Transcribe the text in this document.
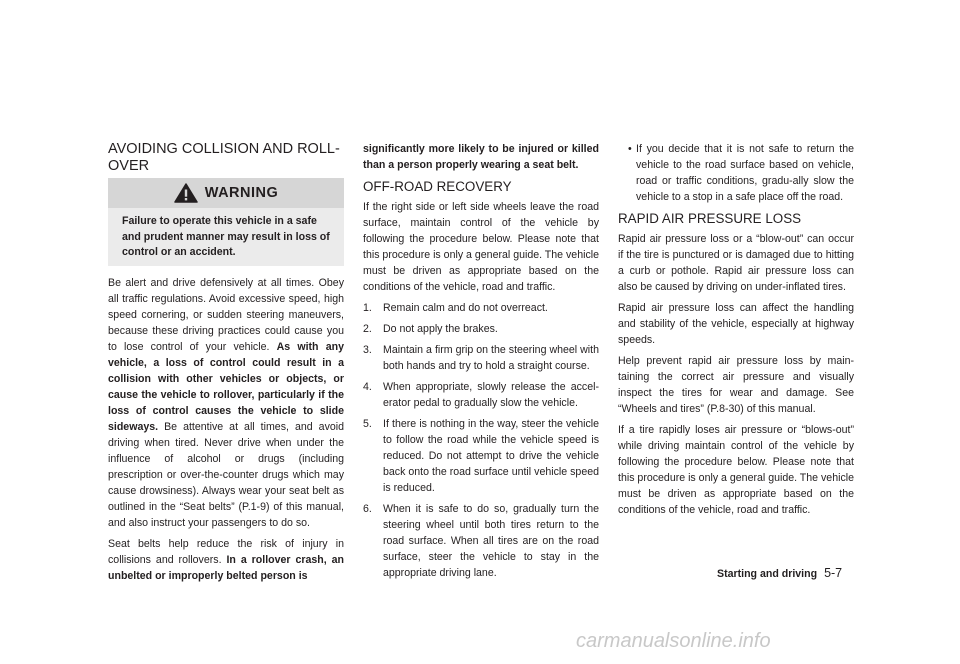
AVOIDING COLLISION AND ROLL-OVER
WARNING
Failure to operate this vehicle in a safe and prudent manner may result in loss of control or an accident.

Be alert and drive defensively at all times. Obey all traffic regulations. Avoid excessive speed, high speed cornering, or sudden steering maneuvers, because these driving practices could cause you to lose control of your vehicle. As with any vehicle, a loss of control could result in a collision with other vehicles or objects, or cause the vehicle to rollover, particularly if the loss of control causes the vehicle to slide sideways. Be attentive at all times, and avoid driving when tired. Never drive when under the influence of alcohol or drugs (including prescription or over-the-counter drugs which may cause drowsiness). Always wear your seat belt as outlined in the “Seat belts” (P.1-9) of this manual, and also instruct your passengers to do so.

Seat belts help reduce the risk of injury in collisions and rollovers. In a rollover crash, an unbelted or improperly belted person is

significantly more likely to be injured or killed than a person properly wearing a seat belt.

OFF-ROAD RECOVERY

If the right side or left side wheels leave the road surface, maintain control of the vehicle by following the procedure below. Please note that this procedure is only a general guide. The vehicle must be driven as appropriate based on the conditions of the vehicle, road and traffic.

1.	Remain calm and do not overreact.
2.	Do not apply the brakes.
3.	Maintain a firm grip on the steering wheel with both hands and try to hold a straight course.
4.	When appropriate, slowly release the accel-erator pedal to gradually slow the vehicle.
5.	If there is nothing in the way, steer the vehicle to follow the road while the vehicle speed is reduced. Do not attempt to drive the vehicle back onto the road surface until vehicle speed is reduced.
6.	When it is safe to do so, gradually turn the steering wheel until both tires return to the road surface. When all tires are on the road surface, steer the vehicle to stay in the appropriate driving lane.
• If you decide that it is not safe to return the vehicle to the road surface based on vehicle, road or traffic conditions, gradu-ally slow the vehicle to a stop in a safe place off the road.
RAPID AIR PRESSURE LOSS

Rapid air pressure loss or a “blow-out” can occur if the tire is punctured or is damaged due to hitting a curb or pothole. Rapid air pressure loss can also be caused by driving on under-inflated tires.

Rapid air pressure loss can affect the handling and stability of the vehicle, especially at highway speeds.

Help prevent rapid air pressure loss by main-taining the correct air pressure and visually inspect the tires for wear and damage. See “Wheels and tires” (P.8-30) of this manual.

If a tire rapidly loses air pressure or “blows-out” while driving maintain control of the vehicle by following the procedure below. Please note that this procedure is only a general guide. The vehicle must be driven as appropriate based on the conditions of the vehicle, road and traffic.

Starting and driving 5-7
carmanualsonline.info
